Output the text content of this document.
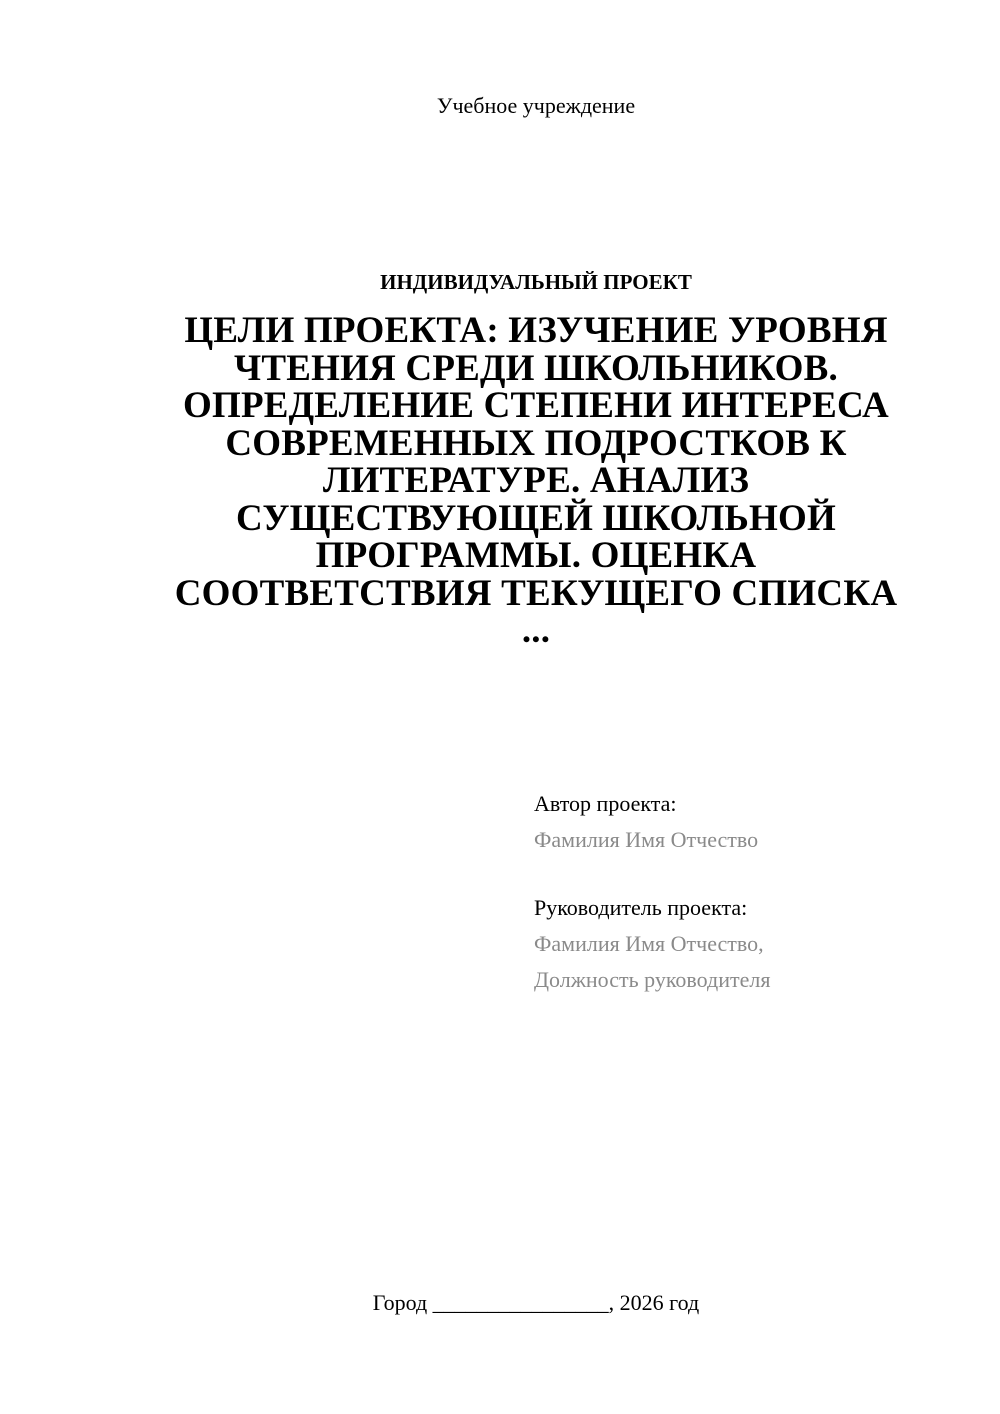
Учебное учреждение
ИНДИВИДУАЛЬНЫЙ ПРОЕКТ
ЦЕЛИ ПРОЕКТА: ИЗУЧЕНИЕ УРОВНЯ
ЧТЕНИЯ СРЕДИ ШКОЛЬНИКОВ.
ОПРЕДЕЛЕНИЕ СТЕПЕНИ ИНТЕРЕСА
СОВРЕМЕННЫХ ПОДРОСТКОВ К
ЛИТЕРАТУРЕ. АНАЛИЗ
СУЩЕСТВУЮЩЕЙ ШКОЛЬНОЙ
ПРОГРАММЫ. ОЦЕНКА
СООТВЕТСТВИЯ ТЕКУЩЕГО СПИСКА
...
Автор проекта:
Фамилия Имя Отчество
Руководитель проекта:
Фамилия Имя Отчество,
Должность руководителя
Город ________________, 2026 год
